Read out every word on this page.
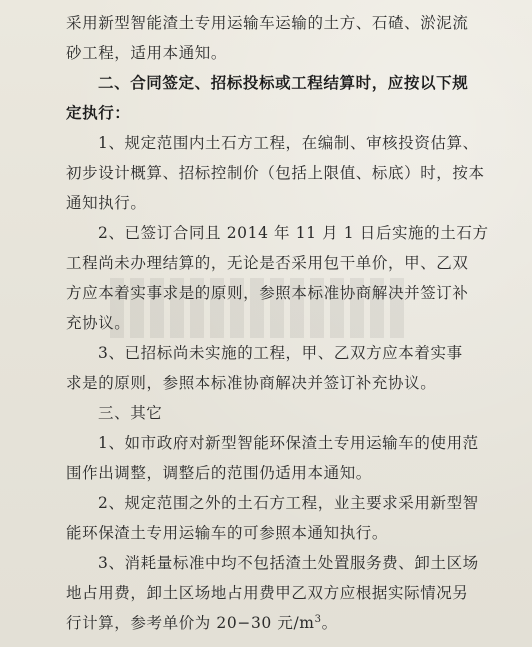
采用新型智能渣土专用运输车运输的土方、石碴、淤泥流
砂工程，适用本通知。
二、合同签定、招标投标或工程结算时，应按以下规
定执行：
1、规定范围内土石方工程，在编制、审核投资估算、
初步设计概算、招标控制价（包括上限值、标底）时，按本
通知执行。
2、已签订合同且 2014 年 11 月 1 日后实施的土石方
工程尚未办理结算的，无论是否采用包干单价，甲、乙双
方应本着实事求是的原则，参照本标准协商解决并签订补
充协议。
3、已招标尚未实施的工程，甲、乙双方应本着实事
求是的原则，参照本标准协商解决并签订补充协议。
三、其它
1、如市政府对新型智能环保渣土专用运输车的使用范
围作出调整，调整后的范围仍适用本通知。
2、规定范围之外的土石方工程，业主要求采用新型智
能环保渣土专用运输车的可参照本通知执行。
3、消耗量标准中均不包括渣土处置服务费、卸土区场
地占用费，卸土区场地占用费甲乙双方应根据实际情况另
行计算，参考单价为 20−30 元$/m^3$。
